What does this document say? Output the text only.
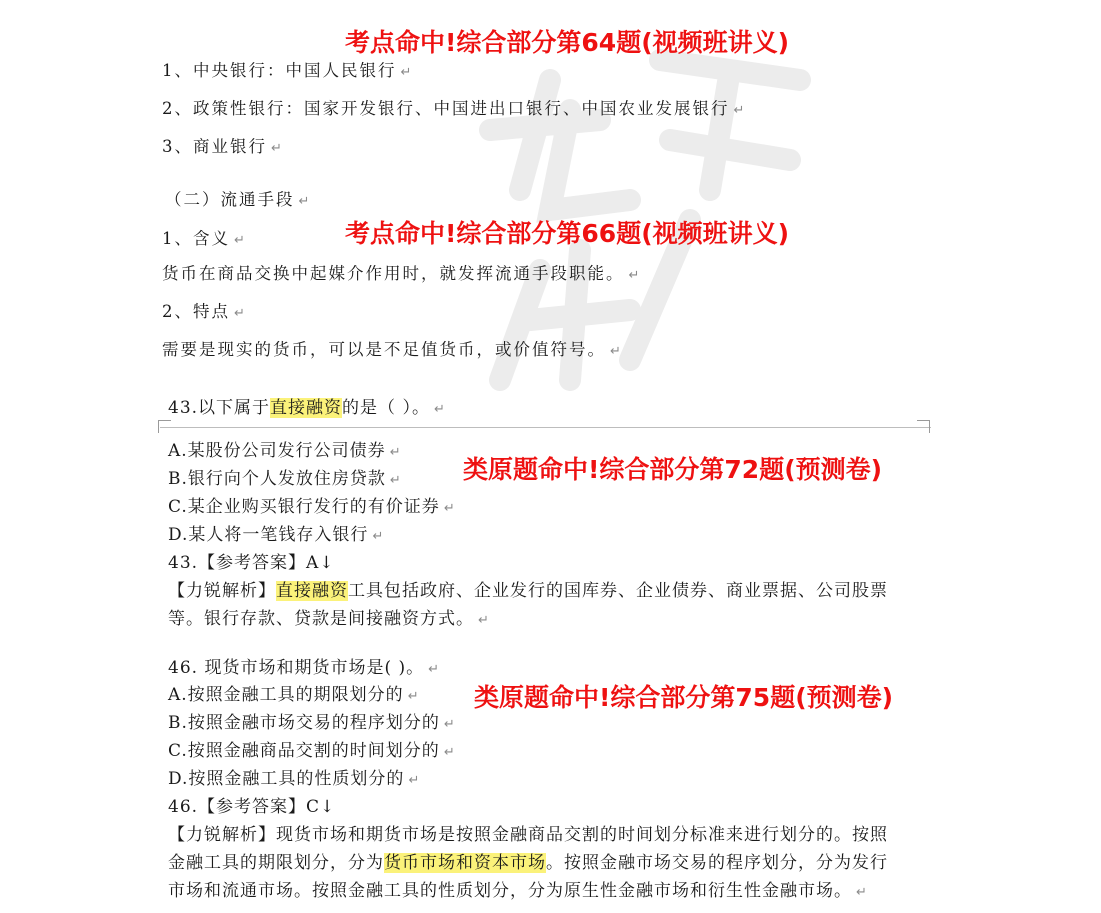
考点命中!综合部分第64题(视频班讲义)
考点命中!综合部分第66题(视频班讲义)
类原题命中!综合部分第72题(预测卷)
类原题命中!综合部分第75题(预测卷)
1、中央银行：中国人民银行 ↵
2、政策性银行：国家开发银行、中国进出口银行、中国农业发展银行 ↵
3、商业银行 ↵
（二）流通手段 ↵
1、含义 ↵
货币在商品交换中起媒介作用时，就发挥流通手段职能。 ↵
2、特点 ↵
需要是现实的货币，可以是不足值货币，或价值符号。 ↵
43.以下属于直接融资的是（ ）。 ↵
A.某股份公司发行公司债券 ↵
B.银行向个人发放住房贷款 ↵
C.某企业购买银行发行的有价证券 ↵
D.某人将一笔钱存入银行 ↵
43.【参考答案】A↓
【力锐解析】直接融资工具包括政府、企业发行的国库券、企业债券、商业票据、公司股票
等。银行存款、贷款是间接融资方式。 ↵
46. 现货市场和期货市场是( )。 ↵
A.按照金融工具的期限划分的 ↵
B.按照金融市场交易的程序划分的 ↵
C.按照金融商品交割的时间划分的 ↵
D.按照金融工具的性质划分的 ↵
46.【参考答案】C↓
【力锐解析】现货市场和期货市场是按照金融商品交割的时间划分标准来进行划分的。按照
金融工具的期限划分，分为货币市场和资本市场。按照金融市场交易的程序划分，分为发行
市场和流通市场。按照金融工具的性质划分，分为原生性金融市场和衍生性金融市场。 ↵
